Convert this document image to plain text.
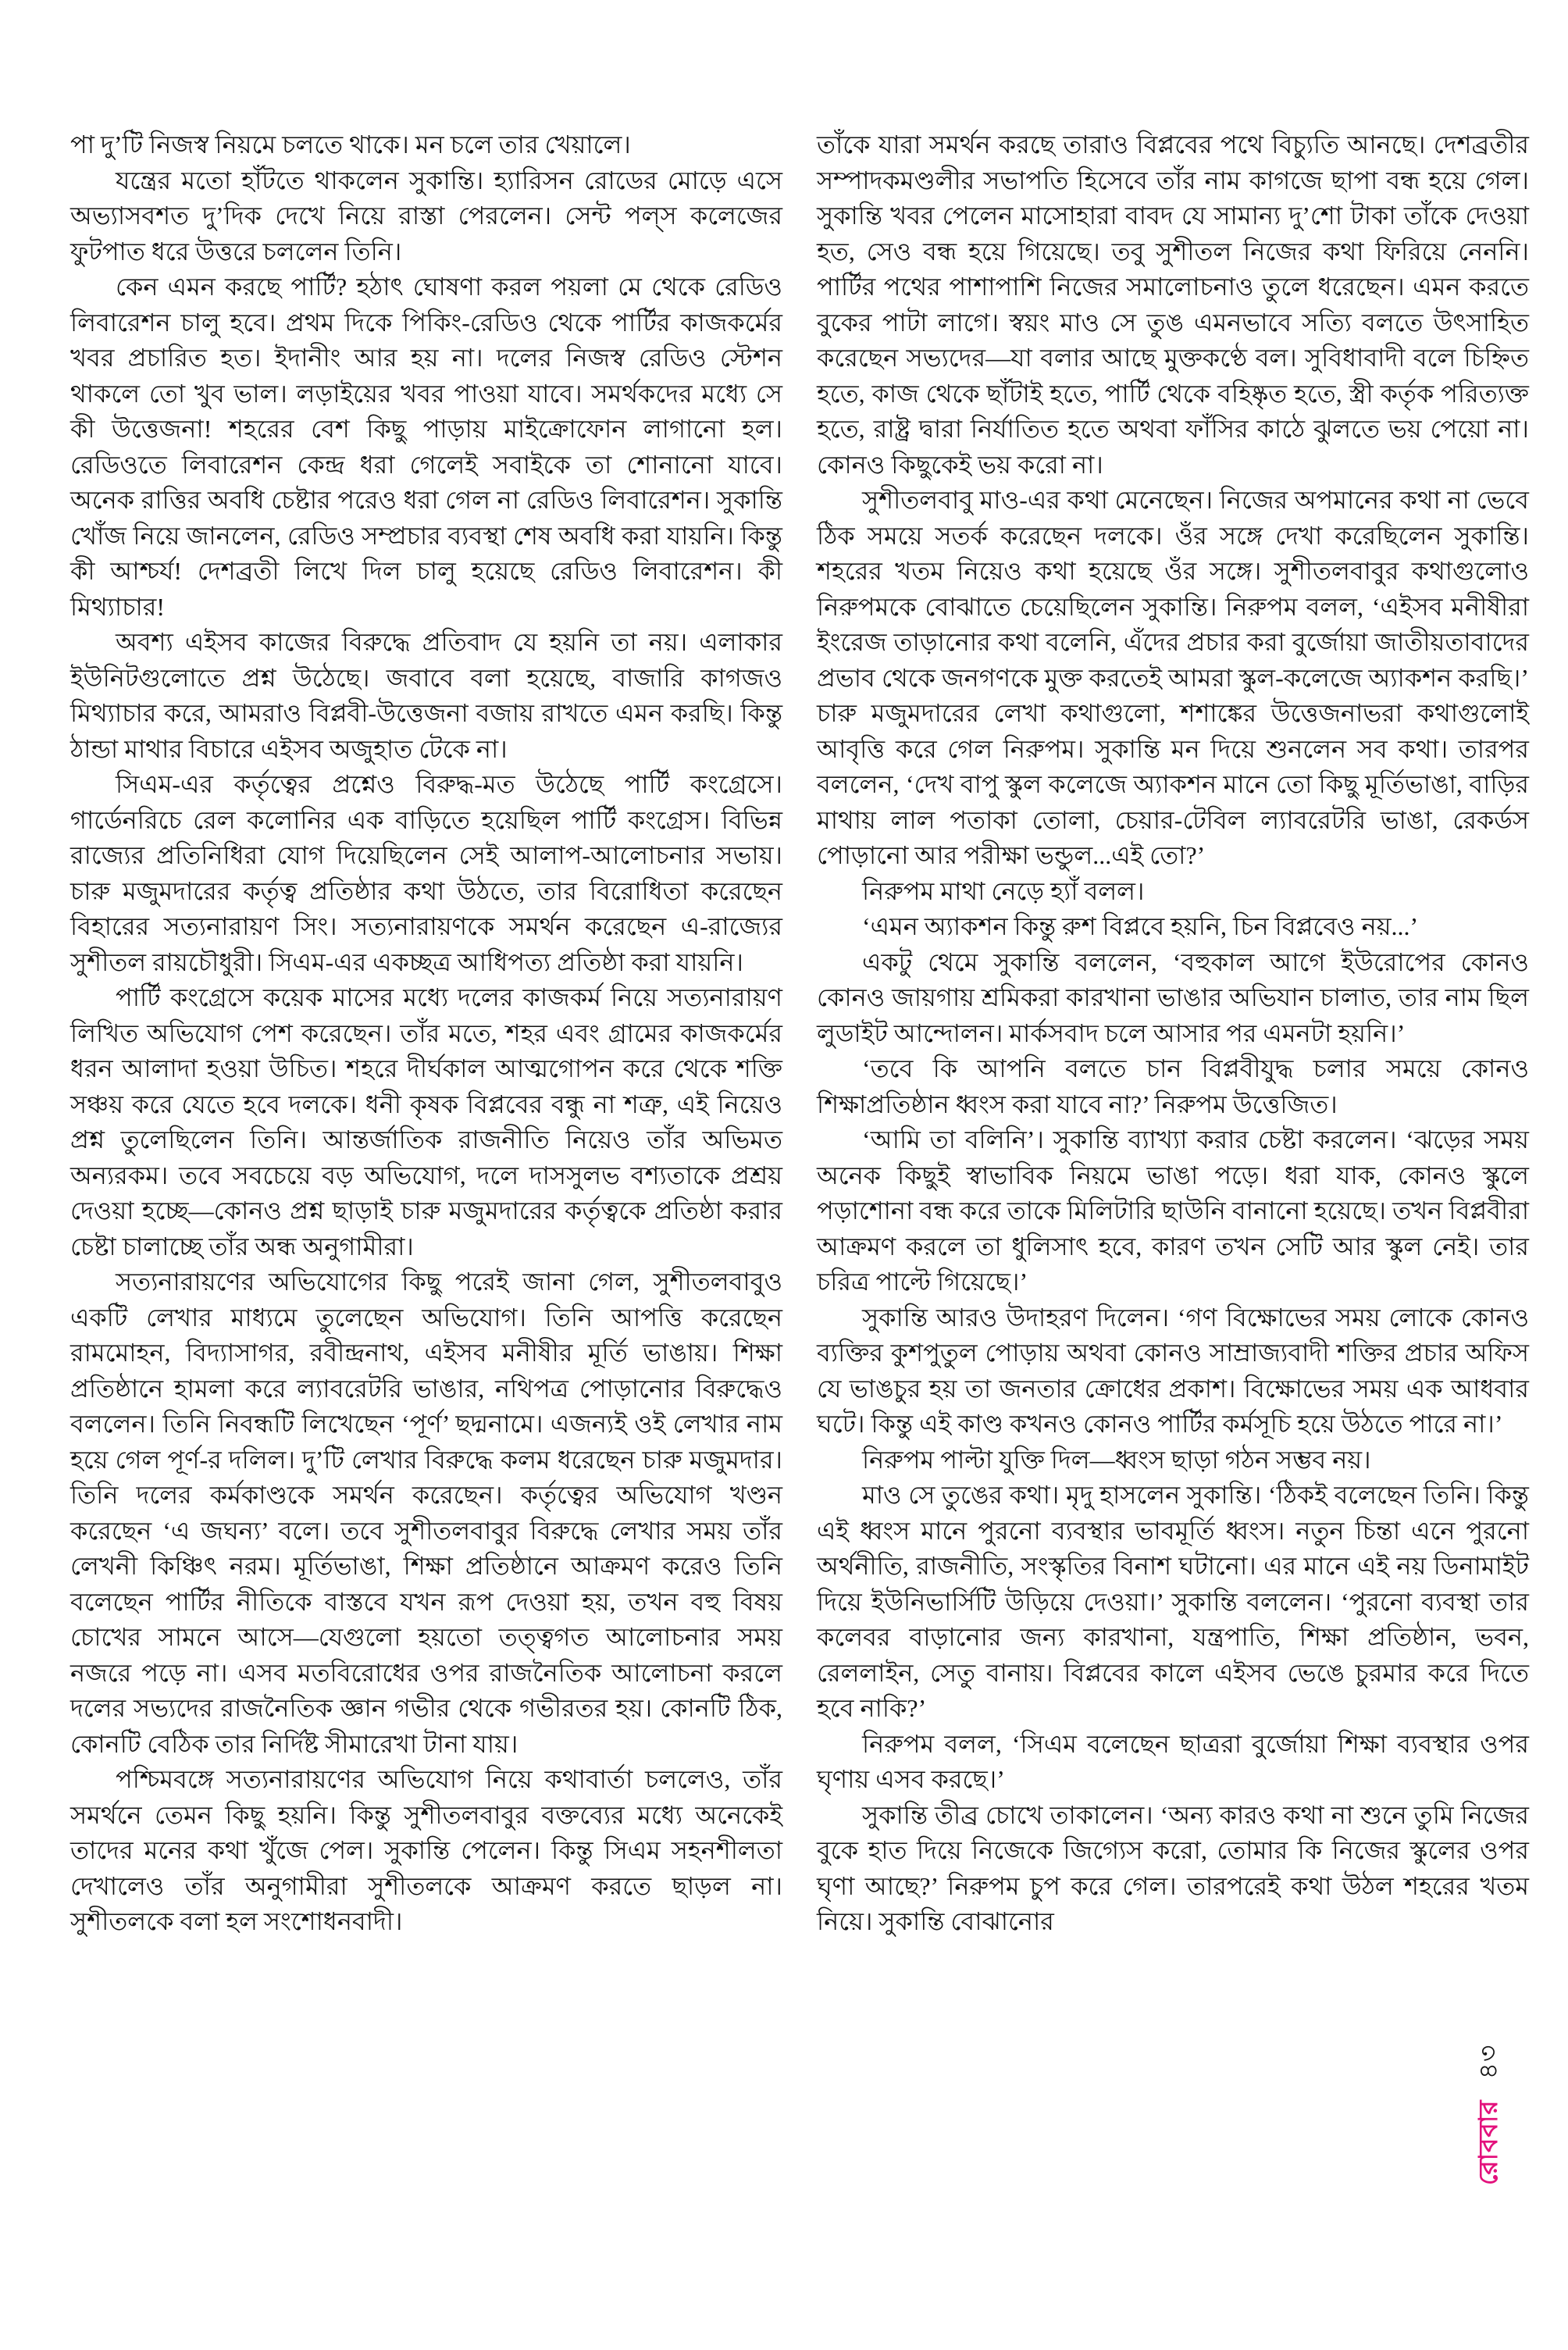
পা দু’টি নিজস্ব নিয়মে চলতে থাকে। মন চলে তার খেয়ালে।

যন্ত্রের মতো হাঁটতে থাকলেন সুকান্তি। হ্যারিসন রোডের মোড়ে এসে অভ্যাসবশত দু’দিক দেখে নিয়ে রাস্তা পেরলেন। সেন্ট পল্স কলেজের ফুটপাত ধরে উত্তরে চললেন তিনি।

কেন এমন করছে পার্টি? হঠাৎ ঘোষণা করল পয়লা মে থেকে রেডিও লিবারেশন চালু হবে। প্রথম দিকে পিকিং-রেডিও থেকে পার্টির কাজকর্মের খবর প্রচারিত হত। ইদানীং আর হয় না। দলের নিজস্ব রেডিও স্টেশন থাকলে তো খুব ভাল। লড়াইয়ের খবর পাওয়া যাবে। সমর্থকদের মধ্যে সে কী উত্তেজনা! শহরের বেশ কিছু পাড়ায় মাইক্রোফোন লাগানো হল। রেডিওতে লিবারেশন কেন্দ্র ধরা গেলেই সবাইকে তা শোনানো যাবে। অনেক রাত্তির অবধি চেষ্টার পরেও ধরা গেল না রেডিও লিবারেশন। সুকান্তি খোঁজ নিয়ে জানলেন, রেডিও সম্প্রচার ব্যবস্থা শেষ অবধি করা যায়নি। কিন্তু কী আশ্চর্য! দেশব্রতী লিখে দিল চালু হয়েছে রেডিও লিবারেশন। কী মিথ্যাচার!

অবশ্য এইসব কাজের বিরুদ্ধে প্রতিবাদ যে হয়নি তা নয়। এলাকার ইউনিটগুলোতে প্রশ্ন উঠেছে। জবাবে বলা হয়েছে, বাজারি কাগজও মিথ্যাচার করে, আমরাও বিপ্লবী-উত্তেজনা বজায় রাখতে এমন করছি। কিন্তু ঠান্ডা মাথার বিচারে এইসব অজুহাত টেকে না।

সিএম-এর কর্তৃত্বের প্রশ্নেও বিরুদ্ধ-মত উঠেছে পার্টি কংগ্রেসে। গার্ডেনরিচে রেল কলোনির এক বাড়িতে হয়েছিল পার্টি কংগ্রেস। বিভিন্ন রাজ্যের প্রতিনিধিরা যোগ দিয়েছিলেন সেই আলাপ-আলোচনার সভায়। চারু মজুমদারের কর্তৃত্ব প্রতিষ্ঠার কথা উঠতে, তার বিরোধিতা করেছেন বিহারের সত্যনারায়ণ সিং। সত্যনারায়ণকে সমর্থন করেছেন এ-রাজ্যের সুশীতল রায়চৌধুরী। সিএম-এর একচ্ছত্র আধিপত্য প্রতিষ্ঠা করা যায়নি।

পার্টি কংগ্রেসে কয়েক মাসের মধ্যে দলের কাজকর্ম নিয়ে সত্যনারায়ণ লিখিত অভিযোগ পেশ করেছেন। তাঁর মতে, শহর এবং গ্রামের কাজকর্মের ধরন আলাদা হওয়া উচিত। শহরে দীর্ঘকাল আত্মগোপন করে থেকে শক্তি সঞ্চয় করে যেতে হবে দলকে। ধনী কৃষক বিপ্লবের বন্ধু না শত্রু, এই নিয়েও প্রশ্ন তুলেছিলেন তিনি। আন্তর্জাতিক রাজনীতি নিয়েও তাঁর অভিমত অন্যরকম। তবে সবচেয়ে বড় অভিযোগ, দলে দাসসুলভ বশ্যতাকে প্রশ্রয় দেওয়া হচ্ছে—কোনও প্রশ্ন ছাড়াই চারু মজুমদারের কর্তৃত্বকে প্রতিষ্ঠা করার চেষ্টা চালাচ্ছে তাঁর অন্ধ অনুগামীরা।

সত্যনারায়ণের অভিযোগের কিছু পরেই জানা গেল, সুশীতলবাবুও একটি লেখার মাধ্যমে তুলেছেন অভিযোগ। তিনি আপত্তি করেছেন রামমোহন, বিদ্যাসাগর, রবীন্দ্রনাথ, এইসব মনীষীর মূর্তি ভাঙায়। শিক্ষা প্রতিষ্ঠানে হামলা করে ল্যাবরেটরি ভাঙার, নথিপত্র পোড়ানোর বিরুদ্ধেও বললেন। তিনি নিবন্ধটি লিখেছেন ‘পূর্ণ’ ছদ্মনামে। এজন্যই ওই লেখার নাম হয়ে গেল পূর্ণ-র দলিল। দু’টি লেখার বিরুদ্ধে কলম ধরেছেন চারু মজুমদার। তিনি দলের কর্মকাণ্ডকে সমর্থন করেছেন। কর্তৃত্বের অভিযোগ খণ্ডন করেছেন ‘এ জঘন্য’ বলে। তবে সুশীতলবাবুর বিরুদ্ধে লেখার সময় তাঁর লেখনী কিঞ্চিৎ নরম। মূর্তিভাঙা, শিক্ষা প্রতিষ্ঠানে আক্রমণ করেও তিনি বলেছেন পার্টির নীতিকে বাস্তবে যখন রূপ দেওয়া হয়, তখন বহু বিষয় চোখের সামনে আসে—যেগুলো হয়তো তত্ত্বগত আলোচনার সময় নজরে পড়ে না। এসব মতবিরোধের ওপর রাজনৈতিক আলোচনা করলে দলের সভ্যদের রাজনৈতিক জ্ঞান গভীর থেকে গভীরতর হয়। কোনটি ঠিক, কোনটি বেঠিক তার নির্দিষ্ট সীমারেখা টানা যায়।

পশ্চিমবঙ্গে সত্যনারায়ণের অভিযোগ নিয়ে কথাবার্তা চললেও, তাঁর সমর্থনে তেমন কিছু হয়নি। কিন্তু সুশীতলবাবুর বক্তব্যের মধ্যে অনেকেই তাদের মনের কথা খুঁজে পেল। সুকান্তি পেলেন। কিন্তু সিএম সহনশীলতা দেখালেও তাঁর অনুগামীরা সুশীতলকে আক্রমণ করতে ছাড়ল না। সুশীতলকে বলা হল সংশোধনবাদী।

তাঁকে যারা সমর্থন করছে তারাও বিপ্লবের পথে বিচ্যুতি আনছে। দেশব্রতীর সম্পাদকমণ্ডলীর সভাপতি হিসেবে তাঁর নাম কাগজে ছাপা বন্ধ হয়ে গেল। সুকান্তি খবর পেলেন মাসোহারা বাবদ যে সামান্য দু’শো টাকা তাঁকে দেওয়া হত, সেও বন্ধ হয়ে গিয়েছে। তবু সুশীতল নিজের কথা ফিরিয়ে নেননি। পার্টির পথের পাশাপাশি নিজের সমালোচনাও তুলে ধরেছেন। এমন করতে বুকের পাটা লাগে। স্বয়ং মাও সে তুঙ এমনভাবে সত্যি বলতে উৎসাহিত করেছেন সভ্যদের—যা বলার আছে মুক্তকণ্ঠে বল। সুবিধাবাদী বলে চিহ্নিত হতে, কাজ থেকে ছাঁটাই হতে, পার্টি থেকে বহিষ্কৃত হতে, স্ত্রী কর্তৃক পরিত্যক্ত হতে, রাষ্ট্র দ্বারা নির্যাতিত হতে অথবা ফাঁসির কাঠে ঝুলতে ভয় পেয়ো না। কোনও কিছুকেই ভয় করো না।

সুশীতলবাবু মাও-এর কথা মেনেছেন। নিজের অপমানের কথা না ভেবে ঠিক সময়ে সতর্ক করেছেন দলকে। ওঁর সঙ্গে দেখা করেছিলেন সুকান্তি। শহরের খতম নিয়েও কথা হয়েছে ওঁর সঙ্গে। সুশীতলবাবুর কথাগুলোও নিরুপমকে বোঝাতে চেয়েছিলেন সুকান্তি। নিরুপম বলল, ‘এইসব মনীষীরা ইংরেজ তাড়ানোর কথা বলেনি, এঁদের প্রচার করা বুর্জোয়া জাতীয়তাবাদের প্রভাব থেকে জনগণকে মুক্ত করতেই আমরা স্কুল-কলেজে অ্যাকশন করছি।’ চারু মজুমদারের লেখা কথাগুলো, শশাঙ্কের উত্তেজনাভরা কথাগুলোই আবৃত্তি করে গেল নিরুপম। সুকান্তি মন দিয়ে শুনলেন সব কথা। তারপর বললেন, ‘দেখ বাপু স্কুল কলেজে অ্যাকশন মানে তো কিছু মূর্তিভাঙা, বাড়ির মাথায় লাল পতাকা তোলা, চেয়ার-টেবিল ল্যাবরেটরি ভাঙা, রেকর্ডস পোড়ানো আর পরীক্ষা ভন্ডুল...এই তো?’

নিরুপম মাথা নেড়ে হ্যাঁ বলল।

‘এমন অ্যাকশন কিন্তু রুশ বিপ্লবে হয়নি, চিন বিপ্লবেও নয়...’

একটু থেমে সুকান্তি বললেন, ‘বহুকাল আগে ইউরোপের কোনও কোনও জায়গায় শ্রমিকরা কারখানা ভাঙার অভিযান চালাত, তার নাম ছিল লুডাইট আন্দোলন। মার্কসবাদ চলে আসার পর এমনটা হয়নি।’

‘তবে কি আপনি বলতে চান বিপ্লবীযুদ্ধ চলার সময়ে কোনও শিক্ষাপ্রতিষ্ঠান ধ্বংস করা যাবে না?’ নিরুপম উত্তেজিত।

‘আমি তা বলিনি’। সুকান্তি ব্যাখ্যা করার চেষ্টা করলেন। ‘ঝড়ের সময় অনেক কিছুই স্বাভাবিক নিয়মে ভাঙা পড়ে। ধরা যাক, কোনও স্কুলে পড়াশোনা বন্ধ করে তাকে মিলিটারি ছাউনি বানানো হয়েছে। তখন বিপ্লবীরা আক্রমণ করলে তা ধুলিসাৎ হবে, কারণ তখন সেটি আর স্কুল নেই। তার চরিত্র পাল্টে গিয়েছে।’

সুকান্তি আরও উদাহরণ দিলেন। ‘গণ বিক্ষোভের সময় লোকে কোনও ব্যক্তির কুশপুতুল পোড়ায় অথবা কোনও সাম্রাজ্যবাদী শক্তির প্রচার অফিস যে ভাঙচুর হয় তা জনতার ক্রোধের প্রকাশ। বিক্ষোভের সময় এক আধবার ঘটে। কিন্তু এই কাণ্ড কখনও কোনও পার্টির কর্মসূচি হয়ে উঠতে পারে না।’

নিরুপম পাল্টা যুক্তি দিল—ধ্বংস ছাড়া গঠন সম্ভব নয়।

মাও সে তুঙের কথা। মৃদু হাসলেন সুকান্তি। ‘ঠিকই বলেছেন তিনি। কিন্তু এই ধ্বংস মানে পুরনো ব্যবস্থার ভাবমূর্তি ধ্বংস। নতুন চিন্তা এনে পুরনো অর্থনীতি, রাজনীতি, সংস্কৃতির বিনাশ ঘটানো। এর মানে এই নয় ডিনামাইট দিয়ে ইউনিভার্সিটি উড়িয়ে দেওয়া।’ সুকান্তি বললেন। ‘পুরনো ব্যবস্থা তার কলেবর বাড়ানোর জন্য কারখানা, যন্ত্রপাতি, শিক্ষা প্রতিষ্ঠান, ভবন, রেললাইন, সেতু বানায়। বিপ্লবের কালে এইসব ভেঙে চুরমার করে দিতে হবে নাকি?’

নিরুপম বলল, ‘সিএম বলেছেন ছাত্ররা বুর্জোয়া শিক্ষা ব্যবস্থার ওপর ঘৃণায় এসব করছে।’

সুকান্তি তীব্র চোখে তাকালেন। ‘অন্য কারও কথা না শুনে তুমি নিজের বুকে হাত দিয়ে নিজেকে জিগ্যেস করো, তোমার কি নিজের স্কুলের ওপর ঘৃণা আছে?’ নিরুপম চুপ করে গেল। তারপরেই কথা উঠল শহরের খতম নিয়ে। সুকান্তি বোঝানোর

রোববার৪৩
